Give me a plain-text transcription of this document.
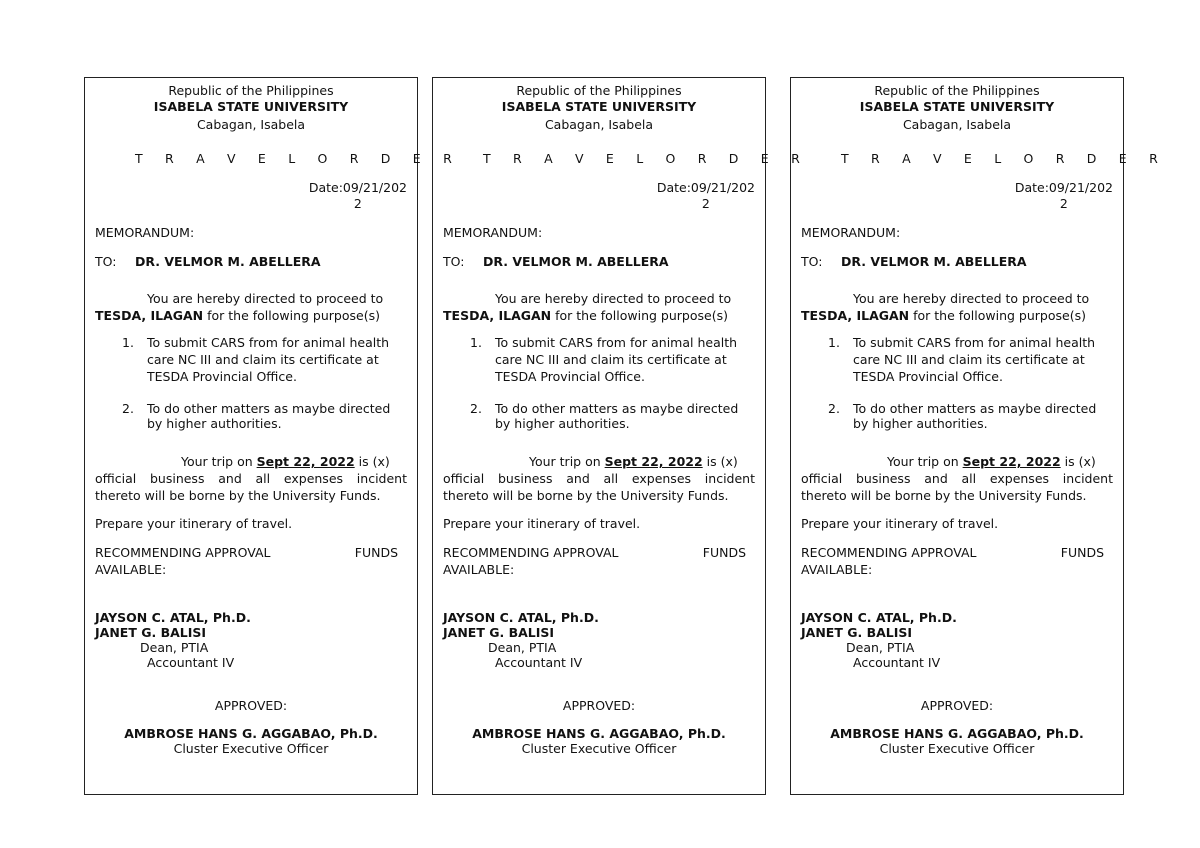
Republic of the Philippines
ISABELA STATE UNIVERSITY
Cabagan, Isabela
T R A V E L O R D E R
Date:09/21/202
2
MEMORANDUM:
TO: DR. VELMOR M. ABELLERA
You are hereby directed to proceed to
TESDA, ILAGAN for the following purpose(s)
1. To submit CARS from for animal health
care NC III and claim its certificate at
TESDA Provincial Office.
2. To do other matters as maybe directed
by higher authorities.
Your trip on Sept 22, 2022 is (x)
official business and all expenses incident
thereto will be borne by the University Funds.
Prepare your itinerary of travel.
RECOMMENDING APPROVAL	FUNDS
AVAILABLE:
JAYSON C. ATAL, Ph.D.
JANET G. BALISI
Dean, PTIA
Accountant IV
APPROVED:
AMBROSE HANS G. AGGABAO, Ph.D.
Cluster Executive Officer
Republic of the Philippines
ISABELA STATE UNIVERSITY
Cabagan, Isabela
T R A V E L O R D E R
Date:09/21/202
2
MEMORANDUM:
TO: DR. VELMOR M. ABELLERA
You are hereby directed to proceed to
TESDA, ILAGAN for the following purpose(s)
1. To submit CARS from for animal health
care NC III and claim its certificate at
TESDA Provincial Office.
2. To do other matters as maybe directed
by higher authorities.
Your trip on Sept 22, 2022 is (x)
official business and all expenses incident
thereto will be borne by the University Funds.
Prepare your itinerary of travel.
RECOMMENDING APPROVAL	FUNDS
AVAILABLE:
JAYSON C. ATAL, Ph.D.
JANET G. BALISI
Dean, PTIA
Accountant IV
APPROVED:
AMBROSE HANS G. AGGABAO, Ph.D.
Cluster Executive Officer
Republic of the Philippines
ISABELA STATE UNIVERSITY
Cabagan, Isabela
T R A V E L O R D E R
Date:09/21/202
2
MEMORANDUM:
TO: DR. VELMOR M. ABELLERA
You are hereby directed to proceed to
TESDA, ILAGAN for the following purpose(s)
1. To submit CARS from for animal health
care NC III and claim its certificate at
TESDA Provincial Office.
2. To do other matters as maybe directed
by higher authorities.
Your trip on Sept 22, 2022 is (x)
official business and all expenses incident
thereto will be borne by the University Funds.
Prepare your itinerary of travel.
RECOMMENDING APPROVAL	FUNDS
AVAILABLE:
JAYSON C. ATAL, Ph.D.
JANET G. BALISI
Dean, PTIA
Accountant IV
APPROVED:
AMBROSE HANS G. AGGABAO, Ph.D.
Cluster Executive Officer
